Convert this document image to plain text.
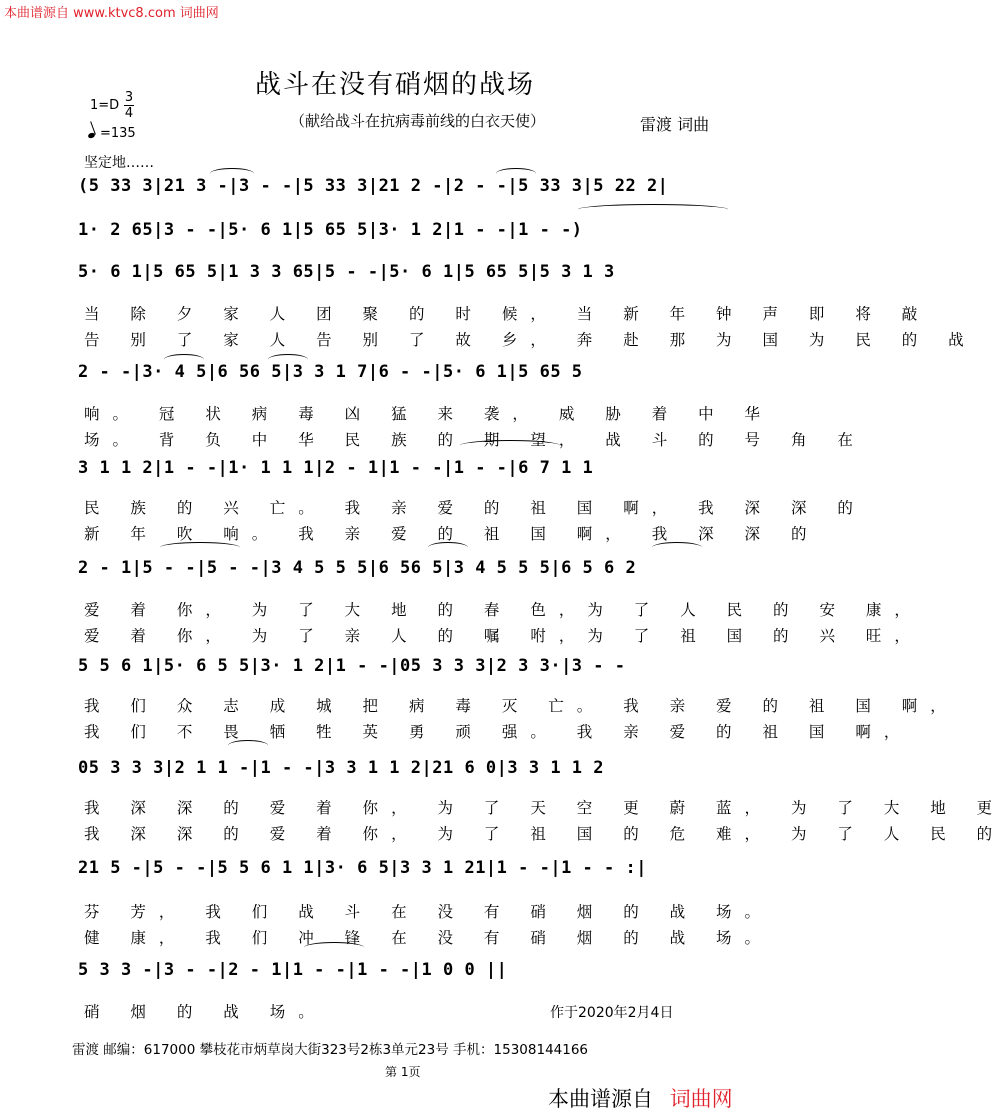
本曲谱源自 www.ktvc8.com 词曲网
战斗在没有硝烟的战场
（献给战斗在抗病毒前线的白衣天使）	雷渡 词曲
1=D
3
4
=135
坚定地……
(5 33 3|21 3 -|3 - -|5 33 3|21 2 -|2 - -|5 33 3|5 22 2|
1· 2 65|3 - -|5· 6 1|5 65 5|3· 1 2|1 - -|1 - -)
5· 6 1|5 65 5|1 3 3 65|5 - -|5· 6 1|5 65 5|5 3 1 3
当 除 夕 家 人 团 聚 的 时 候， 当 新 年 钟 声 即 将 敲
告 别 了 家 人 告 别 了 故 乡， 奔 赴 那 为 国 为 民 的 战
2 - -|3· 4 5|6 56 5|3 3 1 7|6 - -|5· 6 1|5 65 5
响。 冠 状 病 毒 凶 猛 来 袭， 威 胁 着 中 华
场。 背 负 中 华 民 族 的 期 望， 战 斗 的 号 角 在
3 1 1 2|1 - -|1· 1 1 1|2 - 1|1 - -|1 - -|6 7 1 1
民 族 的 兴 亡。 我 亲 爱 的 祖 国 啊， 我 深 深 的
新 年 吹 响。 我 亲 爱 的 祖 国 啊， 我 深 深 的
2 - 1|5 - -|5 - -|3 4 5 5 5|6 56 5|3 4 5 5 5|6 5 6 2
爱 着 你， 为 了 大 地 的 春 色，为 了 人 民 的 安 康，
爱 着 你， 为 了 亲 人 的 嘱 咐，为 了 祖 国 的 兴 旺，
5 5 6 1|5· 6 5 5|3· 1 2|1 - -|05 3 3 3|2 3 3·|3 - -
我 们 众 志 成 城 把 病 毒 灭 亡。 我 亲 爱 的 祖 国 啊，
我 们 不 畏 牺 牲 英 勇 顽 强。 我 亲 爱 的 祖 国 啊，
05 3 3 3|2 1 1 -|1 - -|3 3 1 1 2|21 6 0|3 3 1 1 2
我 深 深 的 爱 着 你， 为 了 天 空 更 蔚 蓝， 为 了 大 地 更
我 深 深 的 爱 着 你， 为 了 祖 国 的 危 难， 为 了 人 民 的
21 5 -|5 - -|5 5 6 1 1|3· 6 5|3 3 1 21|1 - -|1 - - :|
芬 芳， 我 们 战 斗 在 没 有 硝 烟 的 战 场。
健 康， 我 们 冲 锋 在 没 有 硝 烟 的 战 场。
5 3 3 -|3 - -|2 - 1|1 - -|1 - -|1 0 0 ||
硝 烟 的 战 场。	作于2020年2月4日
雷渡 邮编：617000 攀枝花市炳草岗大街323号2栋3单元23号 手机：15308144166
第 1页
本曲谱源自 词曲网
